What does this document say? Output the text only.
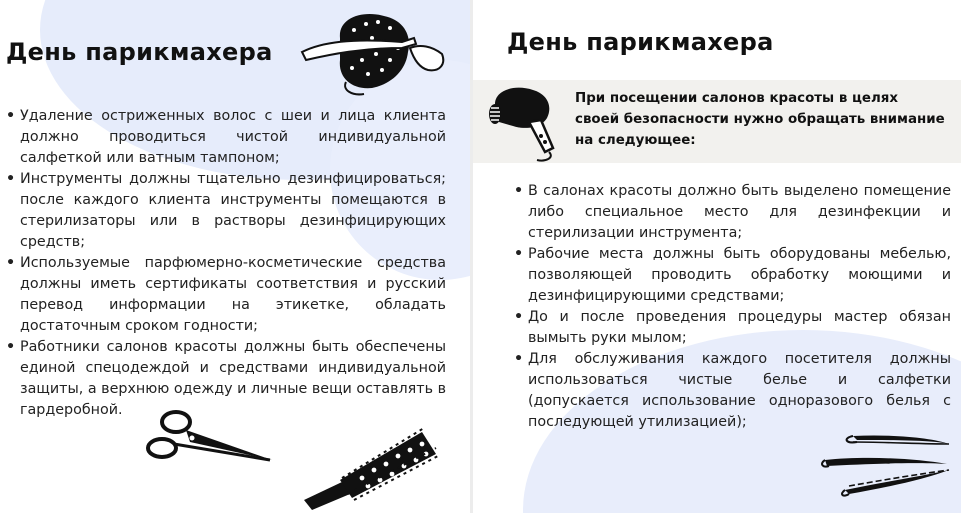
День парикмахера
• Удаление остриженных волос с шеи и лица клиента должно проводиться чистой индивидуальной салфеткой или ватным тампоном;
• Инструменты должны тщательно дезинфицироваться; после каждого клиента инструменты помещаются в стерилизаторы или в растворы дезинфицирующих средств;
• Используемые парфюмерно-косметические средства должны иметь сертификаты соответствия и русский перевод информации на этикетке, обладать достаточным сроком годности;
• Работники салонов красоты должны быть обеспечены единой спецодеждой и средствами индивидуальной защиты, а верхнюю одежду и личные вещи оставлять в гардеробной.
День парикмахера

При посещении салонов красоты в целях своей безопасности нужно обращать внимание на следующее:

• В салонах красоты должно быть выделено помещение либо специальное место для дезинфекции и стерилизации инструмента;
• Рабочие места должны быть оборудованы мебелью, позволяющей проводить обработку моющими и дезинфицирующими средствами;
• До и после проведения процедуры мастер обязан вымыть руки мылом;
• Для обслуживания каждого посетителя должны использоваться чистые белье и салфетки (допускается использование одноразового белья с последующей утилизацией);
